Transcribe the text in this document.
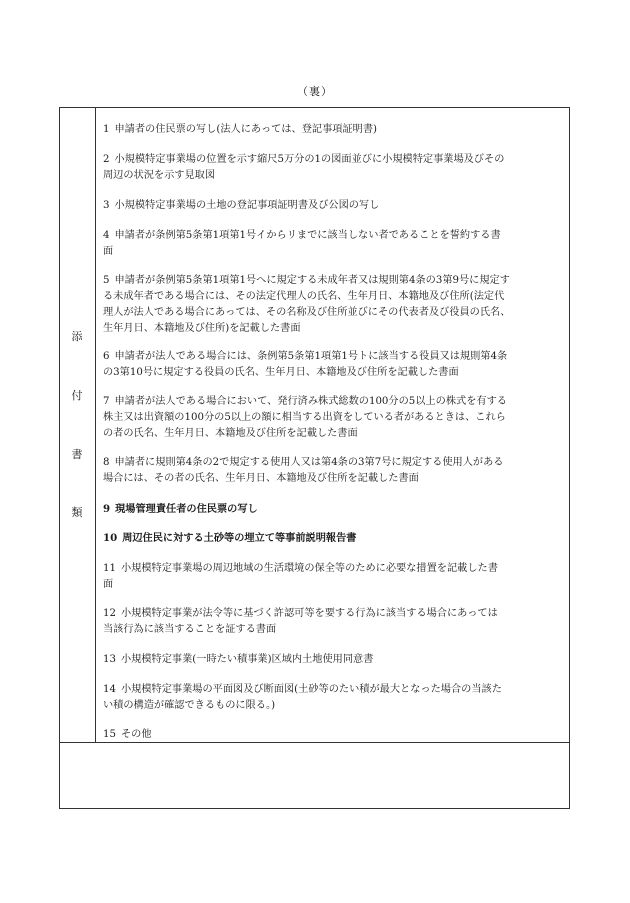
（裏）
添
付
書
類
1 申請者の住民票の写し(法人にあっては、登記事項証明書)
2 小規模特定事業場の位置を示す縮尺5万分の1の図面並びに小規模特定事業場及びその
周辺の状況を示す見取図
3 小規模特定事業場の土地の登記事項証明書及び公図の写し
4 申請者が条例第5条第1項第1号イからリまでに該当しない者であることを誓約する書
面
5 申請者が条例第5条第1項第1号へに規定する未成年者又は規則第4条の3第9号に規定す
る未成年者である場合には、その法定代理人の氏名、生年月日、本籍地及び住所(法定代
理人が法人である場合にあっては、その名称及び住所並びにその代表者及び役員の氏名、
生年月日、本籍地及び住所)を記載した書面
6 申請者が法人である場合には、条例第5条第1項第1号トに該当する役員又は規則第4条
の3第10号に規定する役員の氏名、生年月日、本籍地及び住所を記載した書面
7 申請者が法人である場合において、発行済み株式総数の100分の5以上の株式を有する
株主又は出資額の100分の5以上の額に相当する出資をしている者があるときは、これら
の者の氏名、生年月日、本籍地及び住所を記載した書面
8 申請者に規則第4条の2で規定する使用人又は第4条の3第7号に規定する使用人がある
場合には、その者の氏名、生年月日、本籍地及び住所を記載した書面
9 現場管理責任者の住民票の写し
10 周辺住民に対する土砂等の埋立て等事前説明報告書
11 小規模特定事業場の周辺地域の生活環境の保全等のために必要な措置を記載した書
面
12 小規模特定事業が法令等に基づく許認可等を要する行為に該当する場合にあっては
当該行為に該当することを証する書面
13 小規模特定事業(一時たい積事業)区域内土地使用同意書
14 小規模特定事業場の平面図及び断面図(土砂等のたい積が最大となった場合の当該た
い積の構造が確認できるものに限る。)
15 その他
